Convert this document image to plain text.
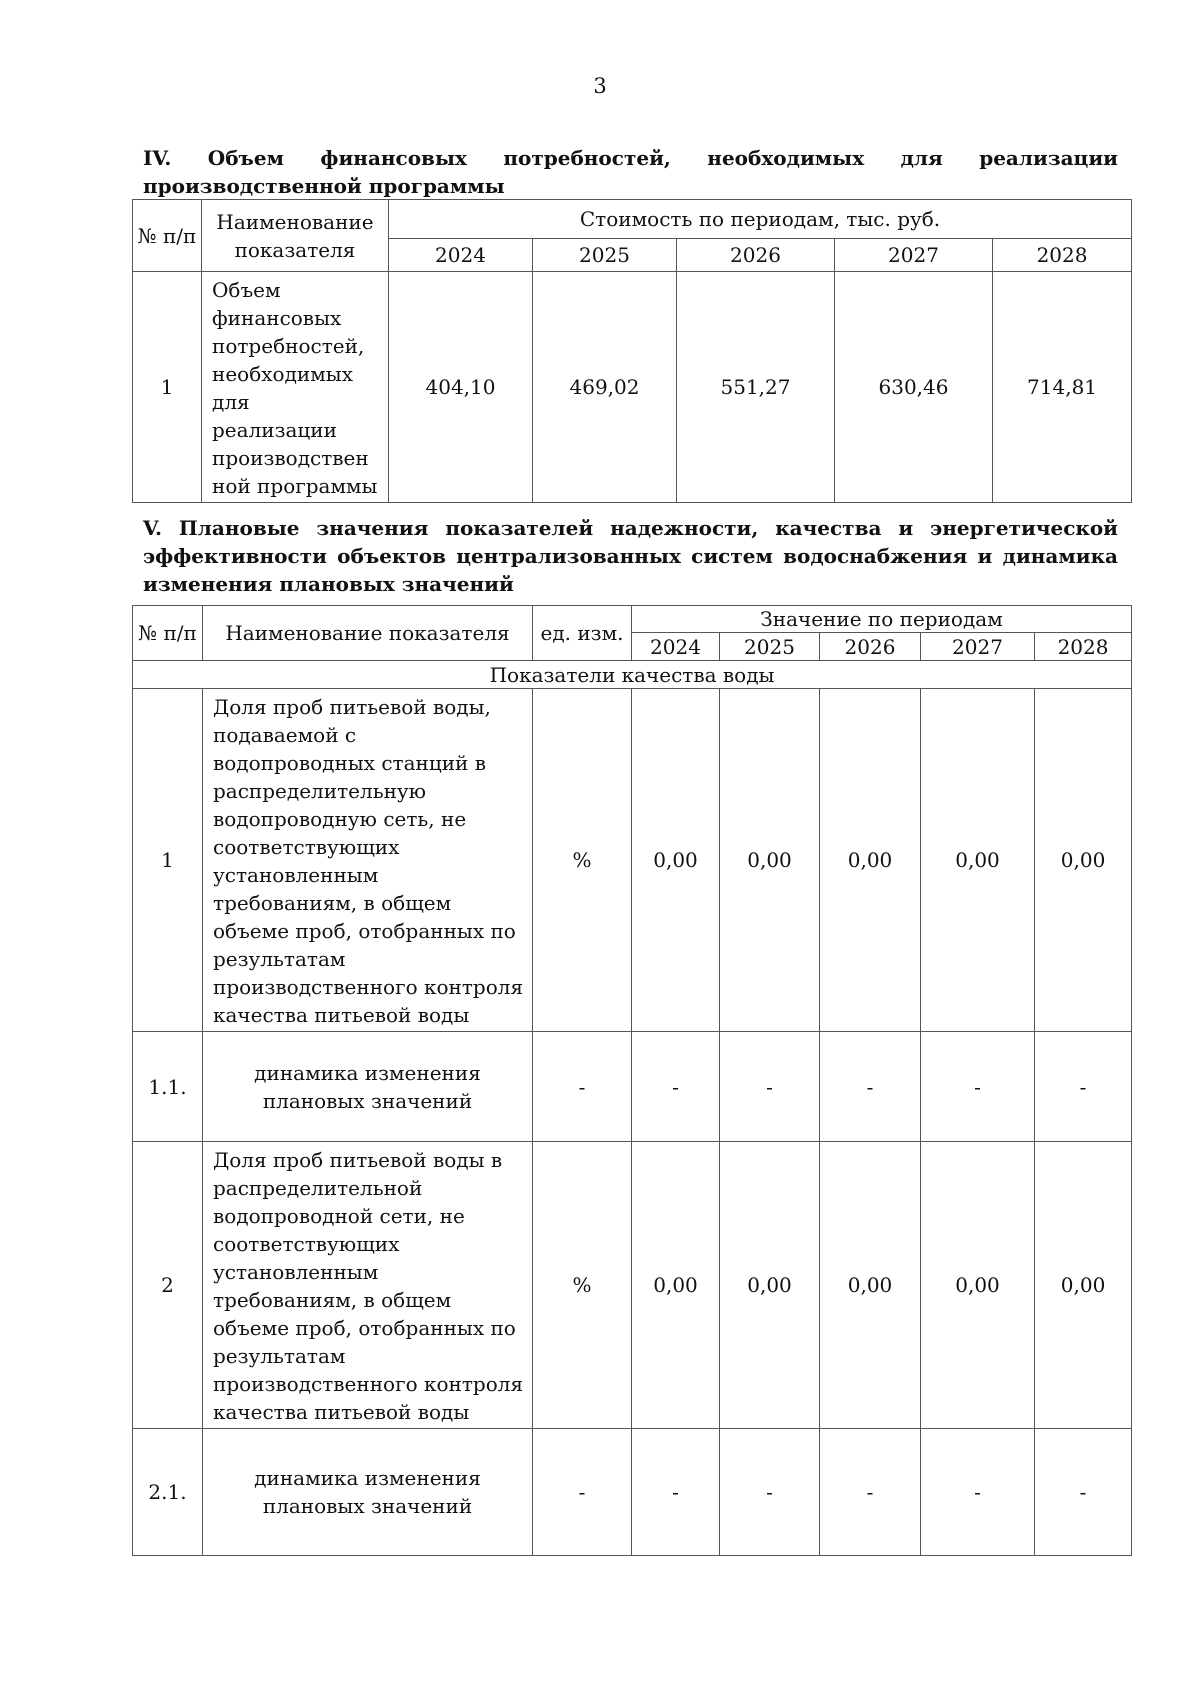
3
IV. Объем финансовых потребностей, необходимых для реализации производственной программы
№ п/п	Наименование показателя	Стоимость по периодам, тыс. руб.				
		2024	2025	2026	2027	2028
1	Объем финансовых потребностей, необходимых для реализации производствен ной программы	404,10	469,02	551,27	630,46	714,81
V. Плановые значения показателей надежности, качества и энергетической эффективности объектов централизованных систем водоснабжения и динамика изменения плановых значений
№ п/п	Наименование показателя	ед. изм.	Значение по периодам				
			2024	2025	2026	2027	2028
Показатели качества воды							
1	Доля проб питьевой воды, подаваемой с водопроводных станций в распределительную водопроводную сеть, не соответствующих установленным требованиям, в общем объеме проб, отобранных по результатам производственного контроля качества питьевой воды	%	0,00	0,00	0,00	0,00	0,00
1.1.	динамика изменения плановых значений	-	-	-	-	-	-
2	Доля проб питьевой воды в распределительной водопроводной сети, не соответствующих установленным требованиям, в общем объеме проб, отобранных по результатам производственного контроля качества питьевой воды	%	0,00	0,00	0,00	0,00	0,00
2.1.	динамика изменения плановых значений	-	-	-	-	-	-
